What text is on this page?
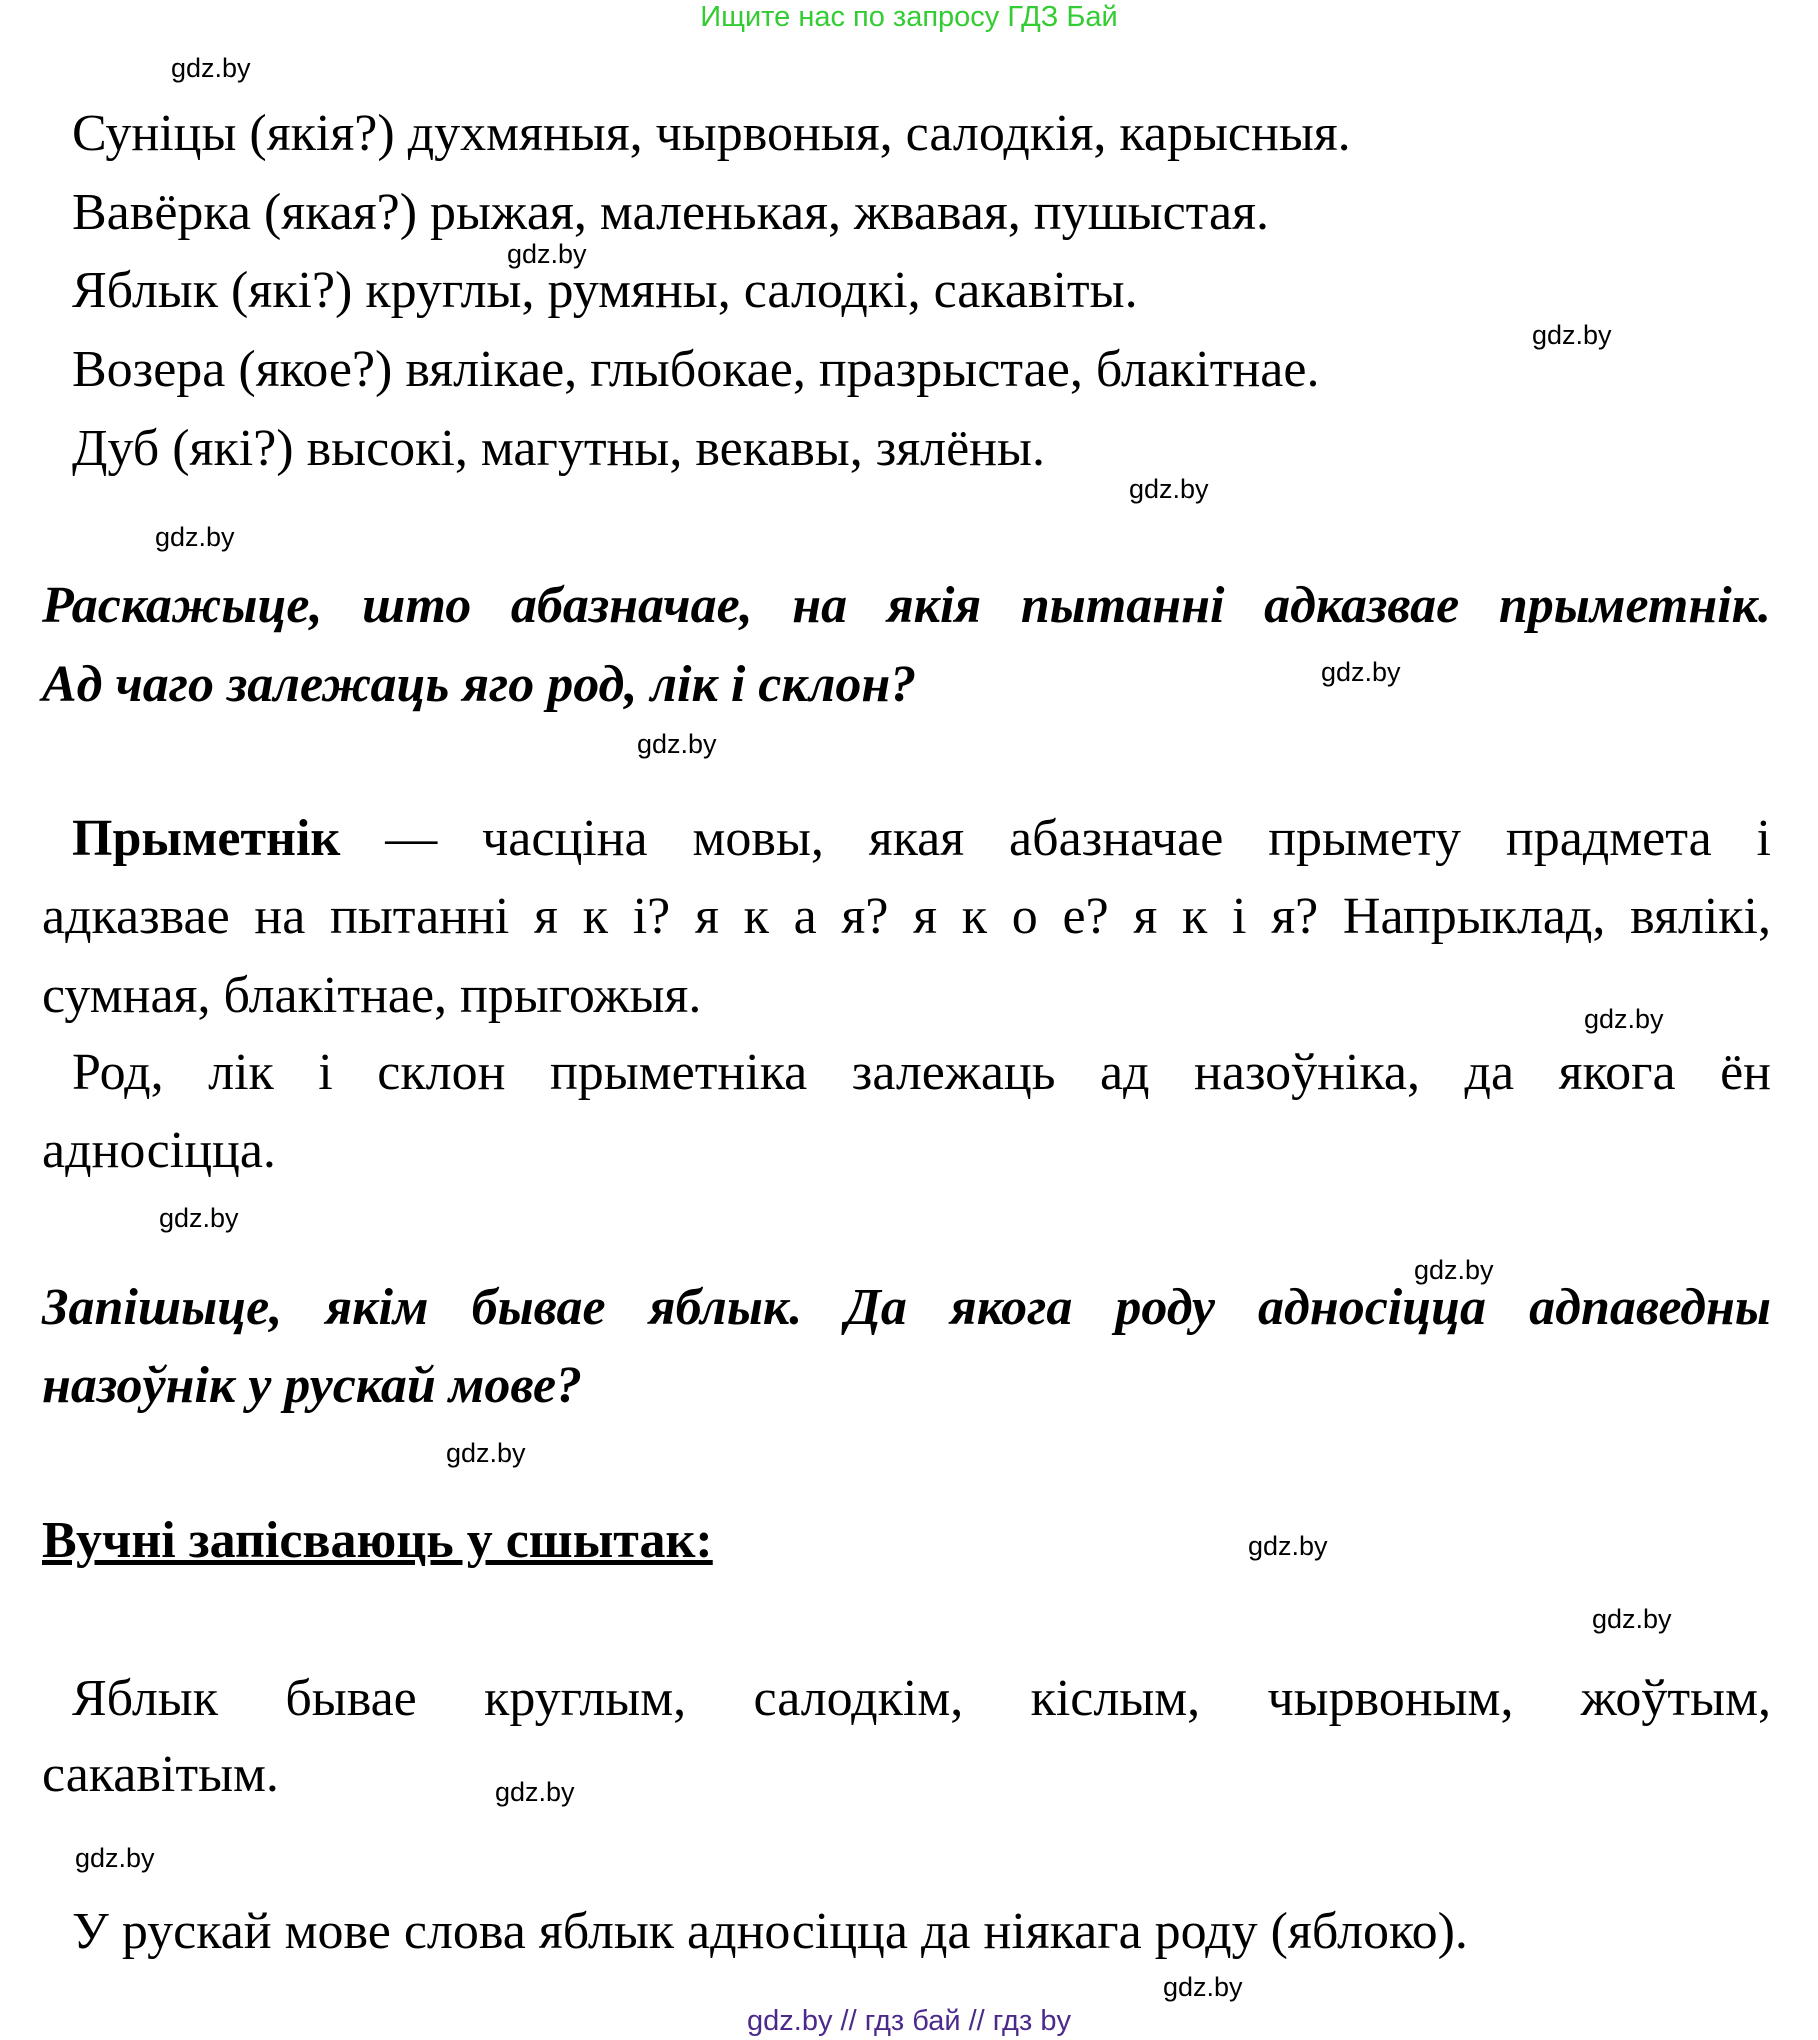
Ищите нас по запросу ГДЗ Бай
Суніцы (якія?) духмяныя, чырвоныя, салодкія, карысныя.
Вавёрка (якая?) рыжая, маленькая, жвавая, пушыстая.
Яблык (які?) круглы, румяны, салодкі, сакавіты.
Возера (якое?) вялікае, глыбокае, празрыстае, блакітнае.
Дуб (які?) высокі, магутны, векавы, зялёны.
Раскажыце, што абазначае, на якія пытанні адказвае прыметнік.
Ад чаго залежаць яго род, лік і склон?
Прыметнік — часціна мовы, якая абазначае прымету прадмета і
адказвае на пытанні я к і? я к а я? я к о е? я к і я? Напрыклад, вялікі,
сумная, блакітнае, прыгожыя.
Род, лік і склон прыметніка залежаць ад назоўніка, да якога ён
адносіцца.
Запішыце, якім бывае яблык. Да якога роду адносіцца адпаведны
назоўнік у рускай мове?
Вучні запісваюць у сшытак:
Яблык бывае круглым, салодкім, кіслым, чырвоным, жоўтым,
сакавітым.
У рускай мове слова яблык адносіцца да ніякага роду (яблоко).
gdz.by
gdz.by
gdz.by
gdz.by
gdz.by
gdz.by
gdz.by
gdz.by
gdz.by
gdz.by
gdz.by
gdz.by
gdz.by
gdz.by
gdz.by
gdz.by
gdz.by // гдз бай // гдз by
